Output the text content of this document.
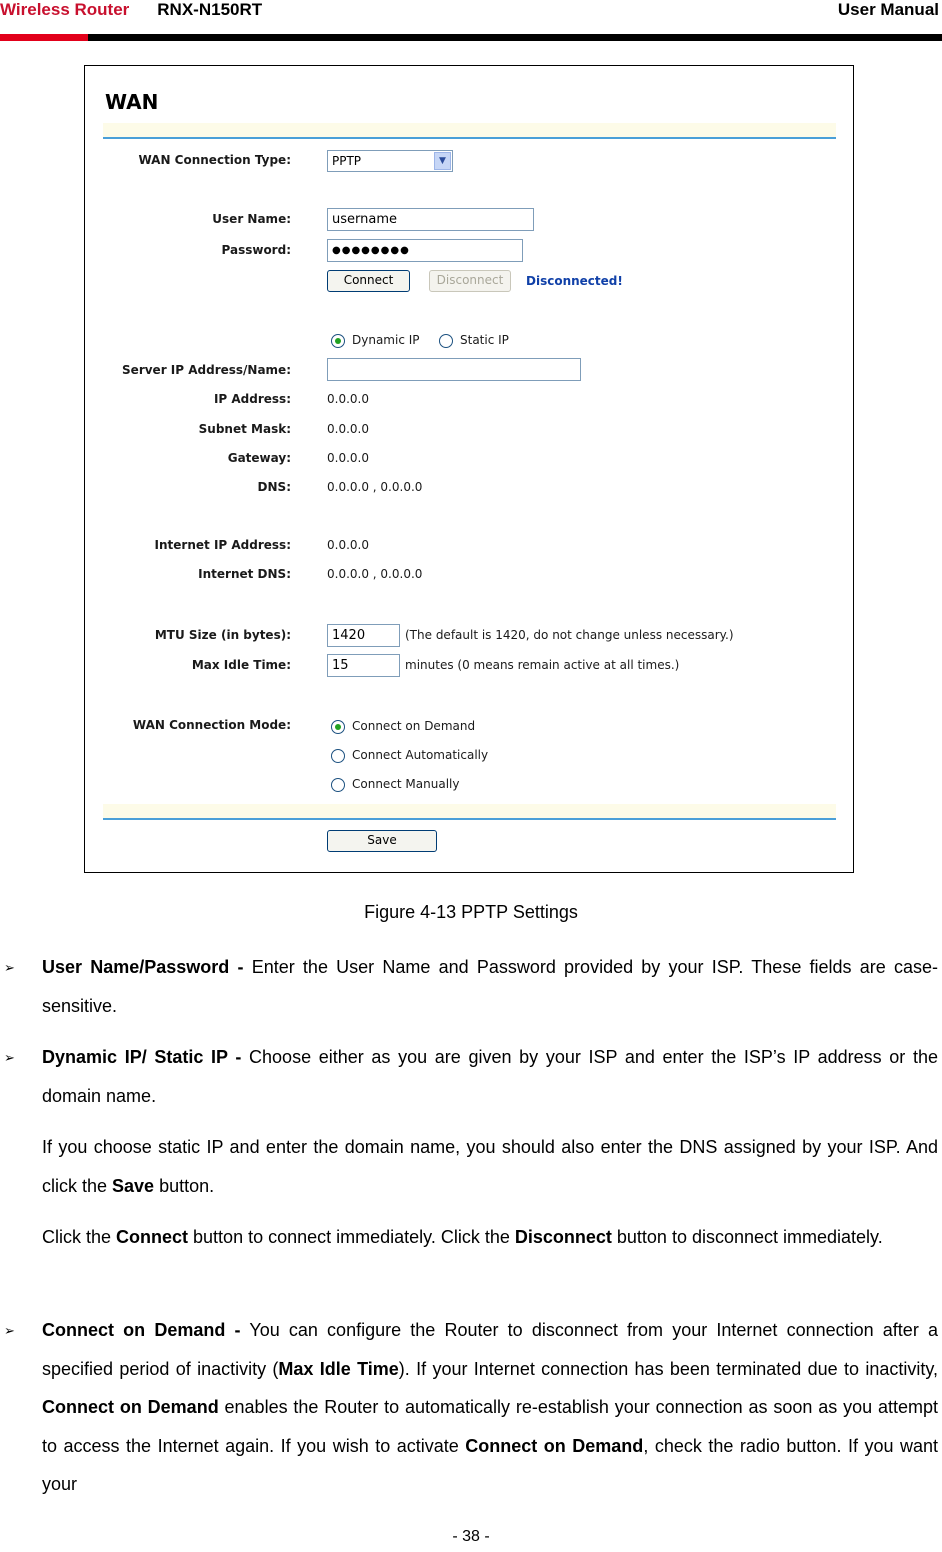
Wireless Router RNX-N150RT	User Manual
WAN
WAN Connection Type:	PPTP	▼
User Name:	username
Password:	●●●●●●●●
Connect	Disconnect	Disconnected!
Dynamic IP	Static IP
Server IP Address/Name:
IP Address:	0.0.0.0
Subnet Mask:	0.0.0.0
Gateway:	0.0.0.0
DNS:	0.0.0.0 , 0.0.0.0
Internet IP Address:	0.0.0.0
Internet DNS:	0.0.0.0 , 0.0.0.0
MTU Size (in bytes):	1420	(The default is 1420, do not change unless necessary.)
Max Idle Time:	15	minutes (0 means remain active at all times.)
WAN Connection Mode:	Connect on Demand
Connect Automatically
Connect Manually
Save
Figure 4-13 PPTP Settings
➢ User Name/Password - Enter the User Name and Password provided by your ISP. These fields are case-sensitive.
➢ Dynamic IP/ Static IP - Choose either as you are given by your ISP and enter the ISP’s IP address or the domain name.
If you choose static IP and enter the domain name, you should also enter the DNS assigned by your ISP. And click the Save button.
Click the Connect button to connect immediately. Click the Disconnect button to disconnect immediately.
➢ Connect on Demand - You can configure the Router to disconnect from your Internet connection after a specified period of inactivity (Max Idle Time). If your Internet connection has been terminated due to inactivity, Connect on Demand enables the Router to automatically re-establish your connection as soon as you attempt to access the Internet again. If you wish to activate Connect on Demand, check the radio button. If you want your
- 38 -
